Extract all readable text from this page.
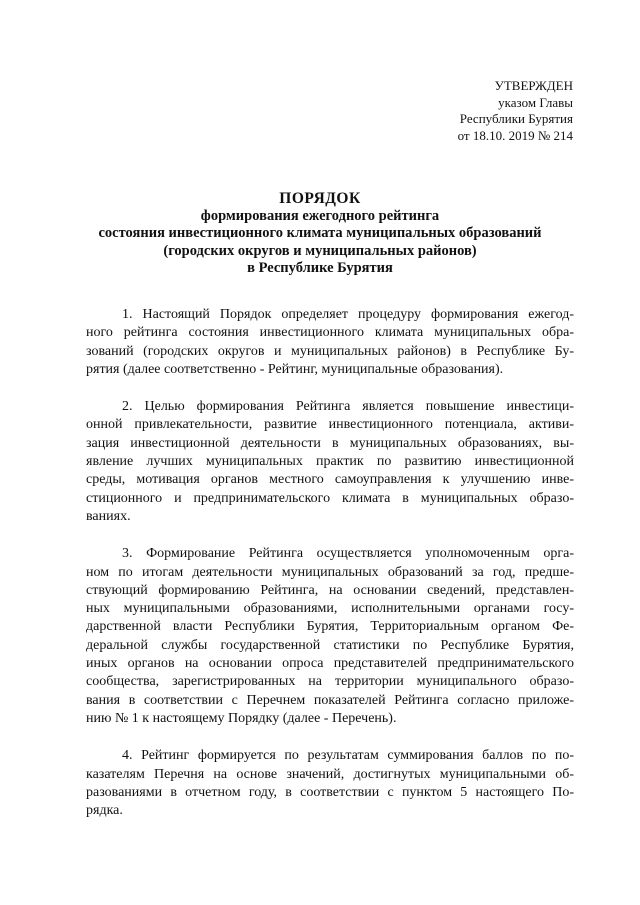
УТВЕРЖДЕН
указом Главы
Республики Бурятия
от 18.10. 2019 № 214
ПОРЯДОК
формирования ежегодного рейтинга
состояния инвестиционного климата муниципальных образований
(городских округов и муниципальных районов)
в Республике Бурятия
1. Настоящий Порядок определяет процедуру формирования ежегод-
ного рейтинга состояния инвестиционного климата муниципальных обра-
зований (городских округов и муниципальных районов) в Республике Бу-
рятия (далее соответственно - Рейтинг, муниципальные образования).
2. Целью формирования Рейтинга является повышение инвестици-
онной привлекательности, развитие инвестиционного потенциала, активи-
зация инвестиционной деятельности в муниципальных образованиях, вы-
явление лучших муниципальных практик по развитию инвестиционной
среды, мотивация органов местного самоуправления к улучшению инве-
стиционного и предпринимательского климата в муниципальных образо-
ваниях.
3. Формирование Рейтинга осуществляется уполномоченным орга-
ном по итогам деятельности муниципальных образований за год, предше-
ствующий формированию Рейтинга, на основании сведений, представлен-
ных муниципальными образованиями, исполнительными органами госу-
дарственной власти Республики Бурятия, Территориальным органом Фе-
деральной службы государственной статистики по Республике Бурятия,
иных органов на основании опроса представителей предпринимательского
сообщества, зарегистрированных на территории муниципального образо-
вания в соответствии с Перечнем показателей Рейтинга согласно приложе-
нию № 1 к настоящему Порядку (далее - Перечень).
4. Рейтинг формируется по результатам суммирования баллов по по-
казателям Перечня на основе значений, достигнутых муниципальными об-
разованиями в отчетном году, в соответствии с пунктом 5 настоящего По-
рядка.
